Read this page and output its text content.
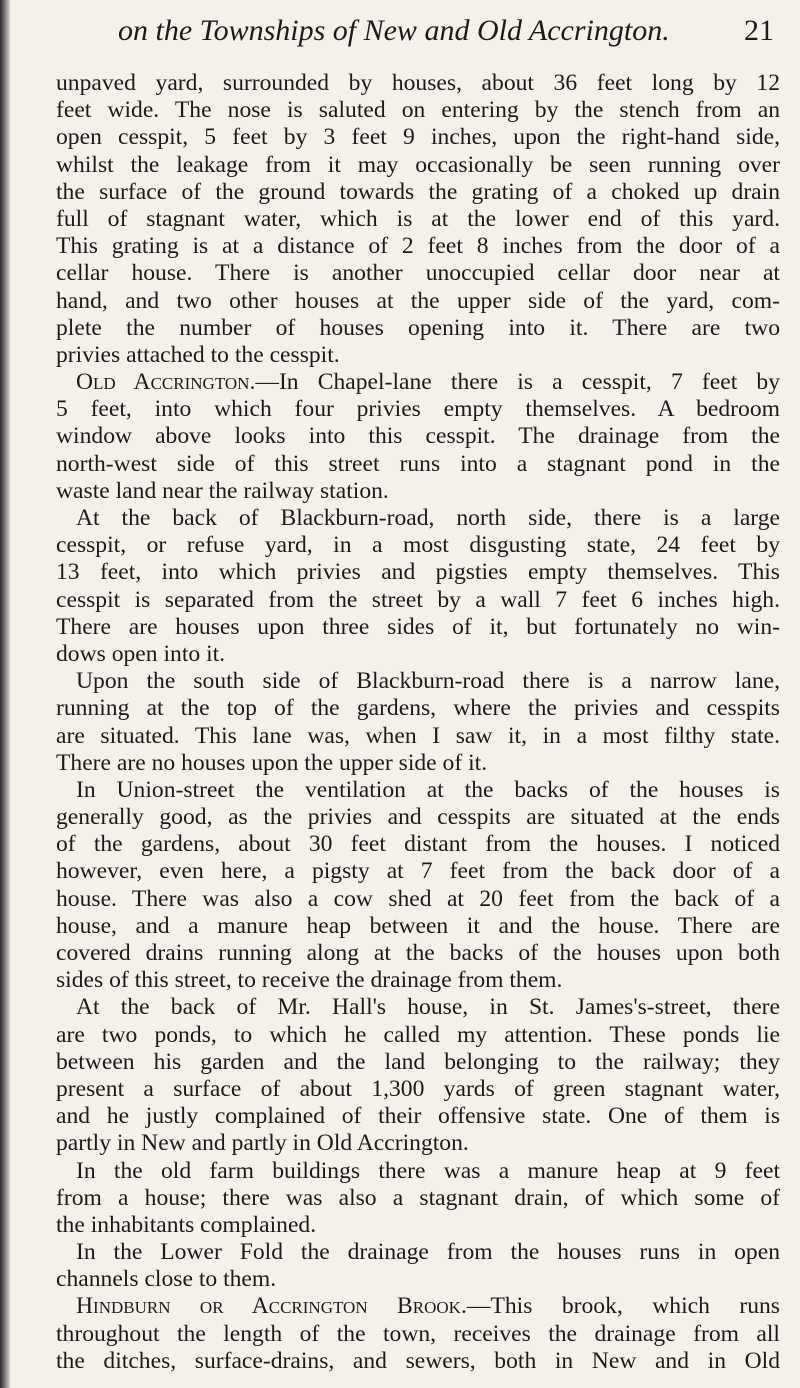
on the Townships of New and Old Accrington. 21
unpaved yard, surrounded by houses, about 36 feet long by 12
feet wide. The nose is saluted on entering by the stench from an
open cesspit, 5 feet by 3 feet 9 inches, upon the right-hand side,
whilst the leakage from it may occasionally be seen running over
the surface of the ground towards the grating of a choked up drain
full of stagnant water, which is at the lower end of this yard.
This grating is at a distance of 2 feet 8 inches from the door of a
cellar house. There is another unoccupied cellar door near at
hand, and two other houses at the upper side of the yard, com-
plete the number of houses opening into it. There are two
privies attached to the cesspit.
Old Accrington.—In Chapel-lane there is a cesspit, 7 feet by
5 feet, into which four privies empty themselves. A bedroom
window above looks into this cesspit. The drainage from the
north-west side of this street runs into a stagnant pond in the
waste land near the railway station.
At the back of Blackburn-road, north side, there is a large
cesspit, or refuse yard, in a most disgusting state, 24 feet by
13 feet, into which privies and pigsties empty themselves. This
cesspit is separated from the street by a wall 7 feet 6 inches high.
There are houses upon three sides of it, but fortunately no win-
dows open into it.
Upon the south side of Blackburn-road there is a narrow lane,
running at the top of the gardens, where the privies and cesspits
are situated. This lane was, when I saw it, in a most filthy state.
There are no houses upon the upper side of it.
In Union-street the ventilation at the backs of the houses is
generally good, as the privies and cesspits are situated at the ends
of the gardens, about 30 feet distant from the houses. I noticed
however, even here, a pigsty at 7 feet from the back door of a
house. There was also a cow shed at 20 feet from the back of a
house, and a manure heap between it and the house. There are
covered drains running along at the backs of the houses upon both
sides of this street, to receive the drainage from them.
At the back of Mr. Hall's house, in St. James's-street, there
are two ponds, to which he called my attention. These ponds lie
between his garden and the land belonging to the railway; they
present a surface of about 1,300 yards of green stagnant water,
and he justly complained of their offensive state. One of them is
partly in New and partly in Old Accrington.
In the old farm buildings there was a manure heap at 9 feet
from a house; there was also a stagnant drain, of which some of
the inhabitants complained.
In the Lower Fold the drainage from the houses runs in open
channels close to them.
Hindburn or Accrington Brook.—This brook, which runs
throughout the length of the town, receives the drainage from all
the ditches, surface-drains, and sewers, both in New and in Old
